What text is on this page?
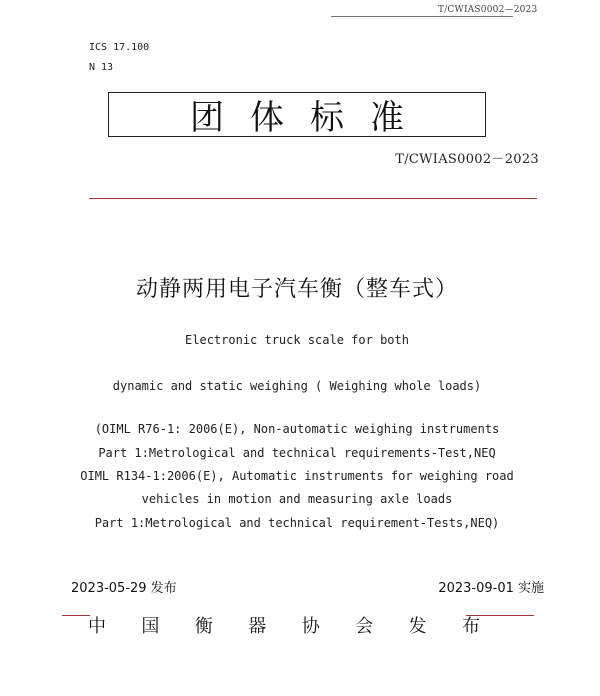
T/CWIAS0002—2023
ICS 17.100
N 13
团体标准
T/CWIAS0002－2023
动静两用电子汽车衡（整车式）
Electronic truck scale for both
dynamic and static weighing ( Weighing whole loads)
(OIML R76-1: 2006(E), Non-automatic weighing instruments
Part 1:Metrological and technical requirements-Test,NEQ
OIML R134-1:2006(E), Automatic instruments for weighing road
vehicles in motion and measuring axle loads
Part 1:Metrological and technical requirement-Tests,NEQ)
2023-05-29 发布	2023-09-01 实施
中	国	衡	器	协	会	发	布
